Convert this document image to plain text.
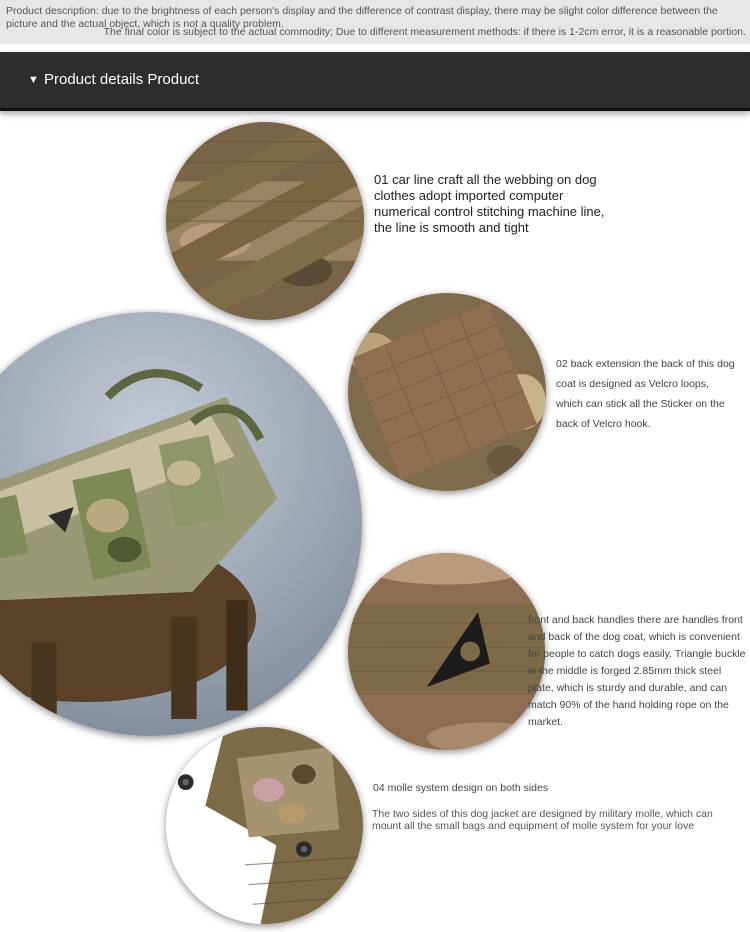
Product description: due to the brightness of each person's display and the difference of contrast display, there may be slight color difference between the picture and the actual object, which is not a quality problem.
The final color is subject to the actual commodity; Due to different measurement methods: if there is 1-2cm error, it is a reasonable portion.
▼ Product details Product
01 car line craft all the webbing on dog clothes adopt imported computer numerical control stitching machine line, the line is smooth and tight
02 back extension the back of this dog coat is designed as Velcro loops, which can stick all the Sticker on the back of Velcro hook.
front and back handles there are handles front and back of the dog coat, which is convenient for people to catch dogs easily. Triangle buckle in the middle is forged 2.85mm thick steel plate, which is sturdy and durable, and can match 90% of the hand holding rope on the market.
04 molle system design on both sides
The two sides of this dog jacket are designed by military molle, which can mount all the small bags and equipment of molle system for your love
